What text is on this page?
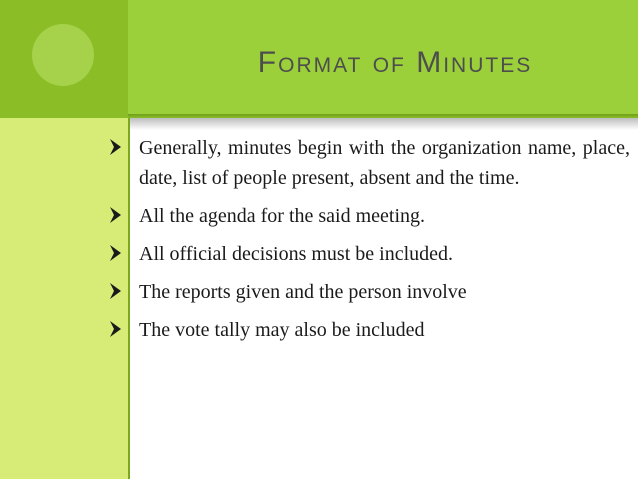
Format of Minutes
Generally, minutes begin with the organization name, place, date, list of people present, absent and the time.
All the agenda for the said meeting.
All official decisions must be included.
The reports given and the person involve
The vote tally may also be included
